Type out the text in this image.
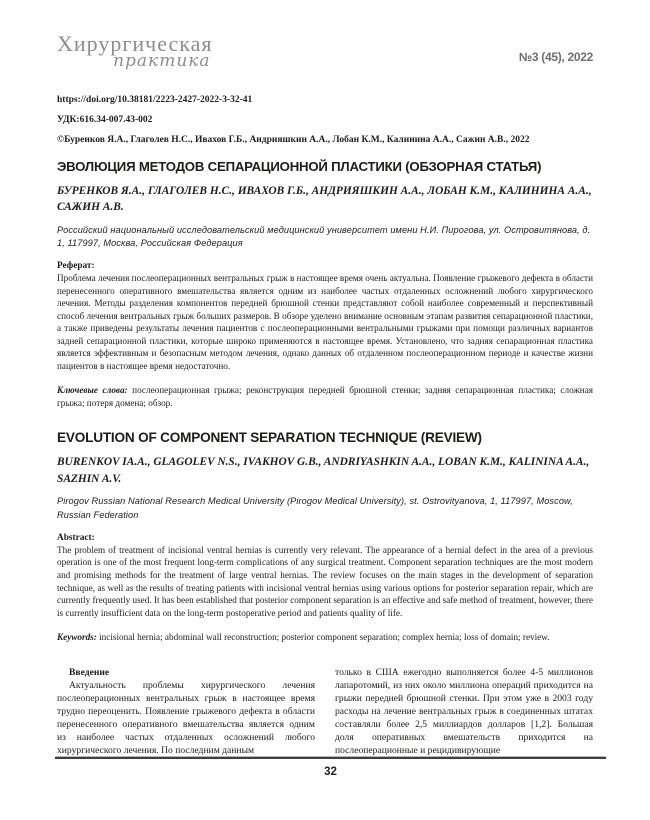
Хирургическая
практика	№3 (45), 2022
https://doi.org/10.38181/2223-2427-2022-3-32-41
УДК:616.34-007.43-002
©Буренков Я.А., Глаголев Н.С., Ивахов Г.Б., Андрияшкин А.А., Лобан К.М., Калинина А.А., Сажин А.В., 2022
ЭВОЛЮЦИЯ МЕТОДОВ СЕПАРАЦИОННОЙ ПЛАСТИКИ (ОБЗОРНАЯ СТАТЬЯ)
БУРЕНКОВ Я.А., ГЛАГОЛЕВ Н.С., ИВАХОВ Г.Б., АНДРИЯШКИН А.А., ЛОБАН К.М., КАЛИНИНА А.А., САЖИН А.В.
Российский национальный исследовательский медицинский университет имени Н.И. Пирогова, ул. Островитянова, д. 1, 117997, Москва, Российская Федерация
Реферат:

Проблема лечения послеоперационных вентральных грыж в настоящее время очень актуальна. Появление грыжевого дефекта в области перенесенного оперативного вмешательства является одним из наиболее частых отдаленных осложнений любого хирургического лечения. Методы разделения компонентов передней брюшной стенки представляют собой наиболее современный и перспективный способ лечения вентральных грыж больших размеров. В обзоре уделено внимание основным этапам развития сепарационной пластики, а также приведены результаты лечения пациентов с послеоперационными вентральными грыжами при помощи различных вариантов задней сепарационной пластики, которые широко применяются в настоящее время. Установлено, что задняя сепарационная пластика является эффективным и безопасным методом лечения, однако данных об отдаленном послеоперационном периоде и качестве жизни пациентов в настоящее время недостаточно.

Ключевые слова: послеоперационная грыжа; реконструкция передней брюшной стенки; задняя сепарационная пластика; сложная грыжа; потеря домена; обзор.

EVOLUTION OF COMPONENT SEPARATION TECHNIQUE (REVIEW)
BURENKOV IA.A., GLAGOLEV N.S., IVAKHOV G.B., ANDRIYASHKIN A.A., LOBAN K.M., KALININA A.A., SAZHIN A.V.
Pirogov Russian National Research Medical University (Pirogov Medical University), st. Ostrovityanova, 1, 117997, Moscow, Russian Federation
Abstract:

The problem of treatment of incisional ventral hernias is currently very relevant. The appearance of a hernial defect in the area of a previous operation is one of the most frequent long-term complications of any surgical treatment. Component separation techniques are the most modern and promising methods for the treatment of large ventral hernias. The review focuses on the main stages in the development of separation technique, as well as the results of treating patients with incisional ventral hernias using various options for posterior separation repair, which are currently frequently used. It has been established that posterior component separation is an effective and safe method of treatment, however, there is currently insufficient data on the long-term postoperative period and patients quality of life.

Keywords: incisional hernia; abdominal wall reconstruction; posterior component separation; complex hernia; loss of domain; review.

Введение

Актуальность проблемы хирургического лечения послеоперационных вентральных грыж в настоящее время трудно переоценить. Появление грыжевого дефекта в области перенесенного оперативного вмешательства является одним из наиболее частых отдаленных осложнений любого хирургического лечения. По последним данным

только в США ежегодно выполняется более 4-5 миллионов лапаротомий, из них около миллиона операций приходится на грыжи передней брюшной стенки. При этом уже в 2003 году расходы на лечение вентральных грыж в соединенных штатах составляли более 2,5 миллиардов долларов [1,2]. Большая доля оперативных вмешательств приходится на послеоперационные и рецидивирующие

32
